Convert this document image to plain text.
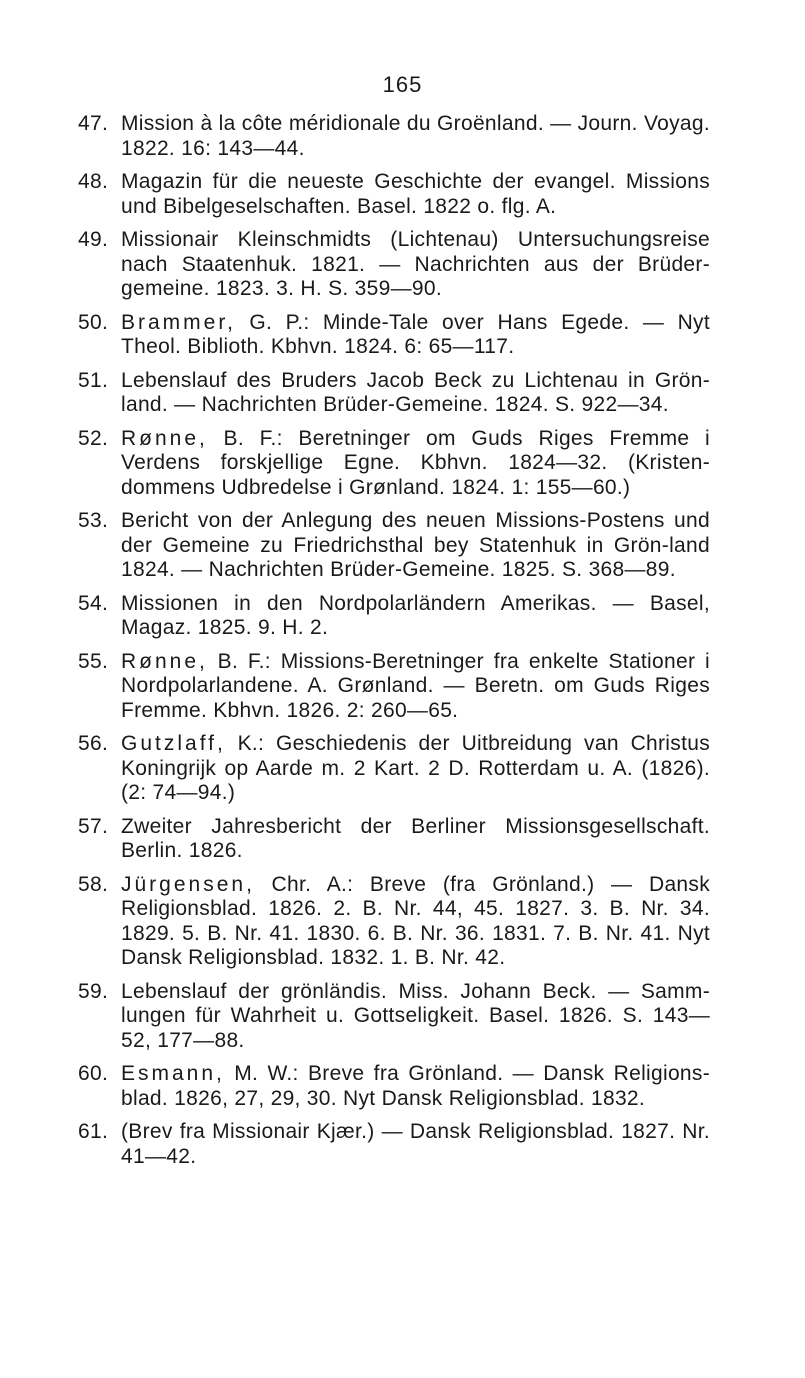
165
47. Mission à la côte méridionale du Groënland. — Journ. Voyag. 1822. 16: 143—44.
48. Magazin für die neueste Geschichte der evangel. Missions und Bibelgeselschaften. Basel. 1822 o. flg. A.
49. Missionair Kleinschmidts (Lichtenau) Untersuchungsreise nach Staatenhuk. 1821. — Nachrichten aus der Brüder-gemeine. 1823. 3. H. S. 359—90.
50. Brammer, G. P.: Minde-Tale over Hans Egede. — Nyt Theol. Biblioth. Kbhvn. 1824. 6: 65—117.
51. Lebenslauf des Bruders Jacob Beck zu Lichtenau in Grön-land. — Nachrichten Brüder-Gemeine. 1824. S. 922—34.
52. Rønne, B. F.: Beretninger om Guds Riges Fremme i Verdens forskjellige Egne. Kbhvn. 1824—32. (Kristen-dommens Udbredelse i Grønland. 1824. 1: 155—60.)
53. Bericht von der Anlegung des neuen Missions-Postens und der Gemeine zu Friedrichsthal bey Statenhuk in Grön-land 1824. — Nachrichten Brüder-Gemeine. 1825. S. 368—89.
54. Missionen in den Nordpolarländern Amerikas. — Basel, Magaz. 1825. 9. H. 2.
55. Rønne, B. F.: Missions-Beretninger fra enkelte Stationer i Nordpolarlandene. A. Grønland. — Beretn. om Guds Riges Fremme. Kbhvn. 1826. 2: 260—65.
56. Gutzlaff, K.: Geschiedenis der Uitbreidung van Christus Koningrijk op Aarde m. 2 Kart. 2 D. Rotterdam u. A. (1826). (2: 74—94.)
57. Zweiter Jahresbericht der Berliner Missionsgesellschaft. Berlin. 1826.
58. Jürgensen, Chr. A.: Breve (fra Grönland.) — Dansk Religionsblad. 1826. 2. B. Nr. 44, 45. 1827. 3. B. Nr. 34. 1829. 5. B. Nr. 41. 1830. 6. B. Nr. 36. 1831. 7. B. Nr. 41. Nyt Dansk Religionsblad. 1832. 1. B. Nr. 42.
59. Lebenslauf der grönländis. Miss. Johann Beck. — Samm-lungen für Wahrheit u. Gottseligkeit. Basel. 1826. S. 143—52, 177—88.
60. Esmann, M. W.: Breve fra Grönland. — Dansk Religions-blad. 1826, 27, 29, 30. Nyt Dansk Religionsblad. 1832.
61. (Brev fra Missionair Kjær.) — Dansk Religionsblad. 1827. Nr. 41—42.
